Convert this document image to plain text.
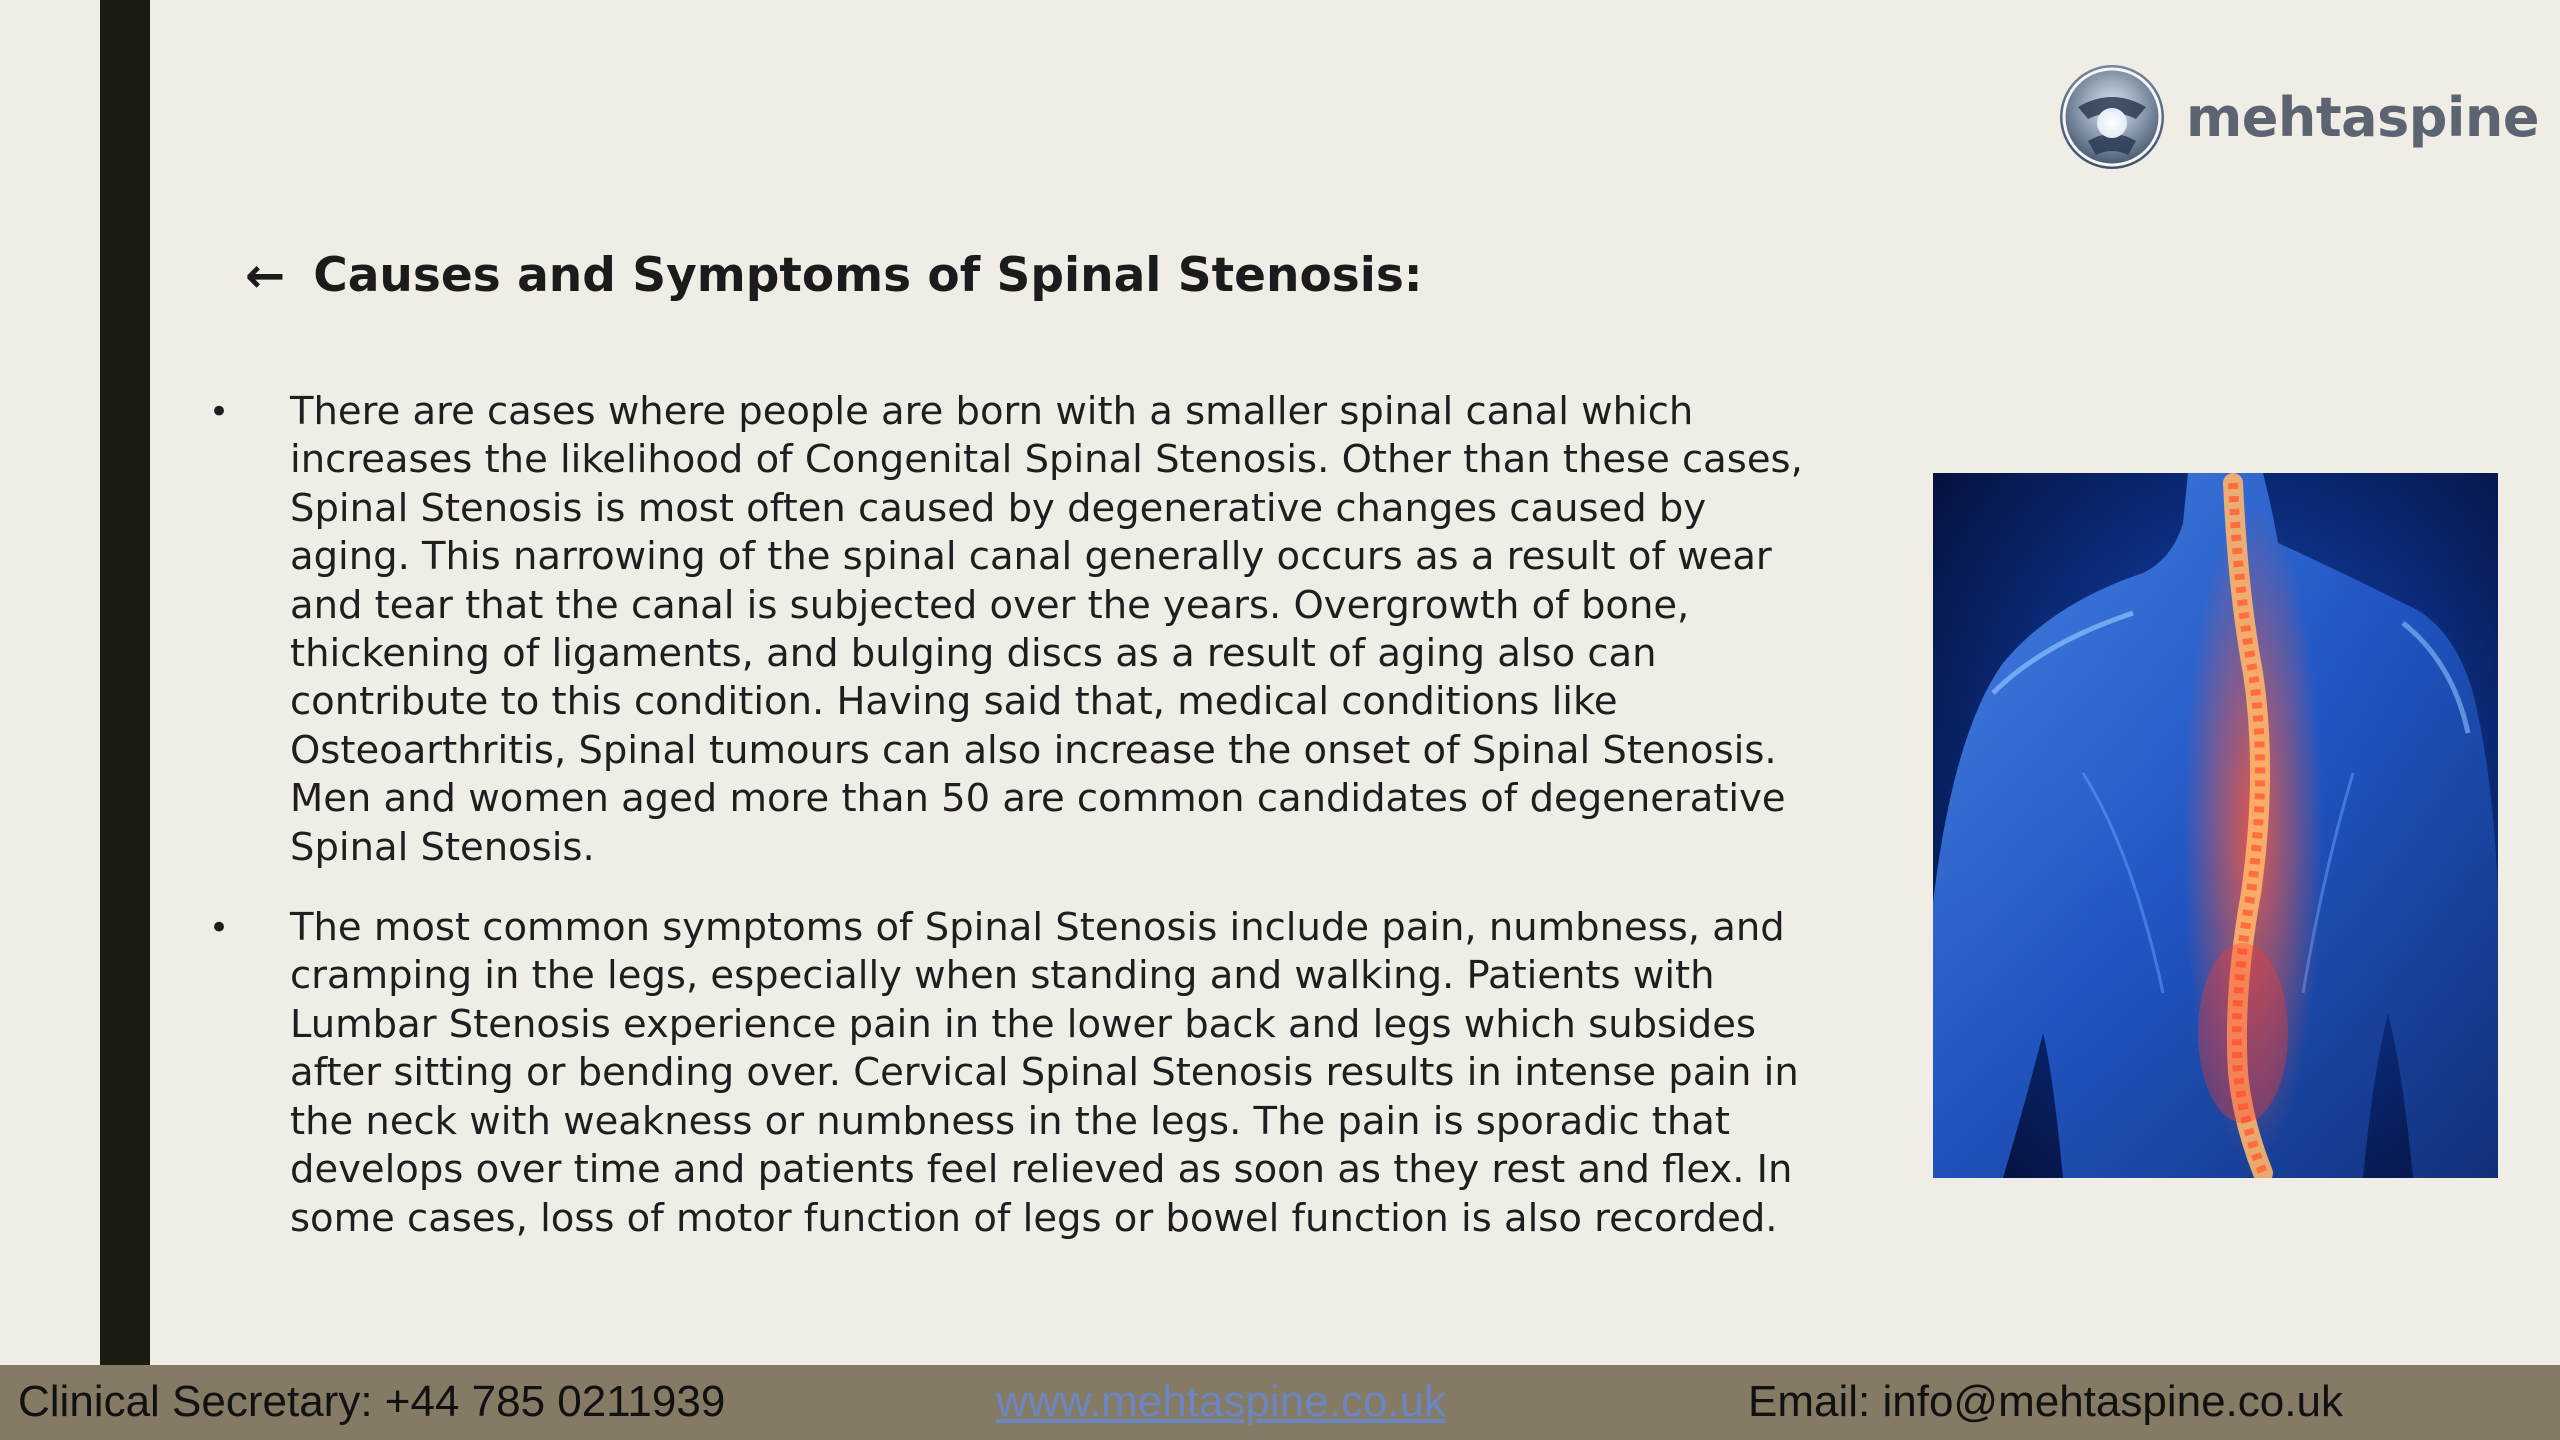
mehtaspine
← Causes and Symptoms of Spinal Stenosis:
• There are cases where people are born with a smaller spinal canal which increases the likelihood of Congenital Spinal Stenosis. Other than these cases, Spinal Stenosis is most often caused by degenerative changes caused by aging. This narrowing of the spinal canal generally occurs as a result of wear and tear that the canal is subjected over the years. Overgrowth of bone, thickening of ligaments, and bulging discs as a result of aging also can contribute to this condition. Having said that, medical conditions like Osteoarthritis, Spinal tumours can also increase the onset of Spinal Stenosis. Men and women aged more than 50 are common candidates of degenerative Spinal Stenosis.
• The most common symptoms of Spinal Stenosis include pain, numbness, and cramping in the legs, especially when standing and walking. Patients with Lumbar Stenosis experience pain in the lower back and legs which subsides after sitting or bending over. Cervical Spinal Stenosis results in intense pain in the neck with weakness or numbness in the legs. The pain is sporadic that develops over time and patients feel relieved as soon as they rest and flex. In some cases, loss of motor function of legs or bowel function is also recorded.
Clinical Secretary: +44 785 0211939	www.mehtaspine.co.uk	Email: info@mehtaspine.co.uk
